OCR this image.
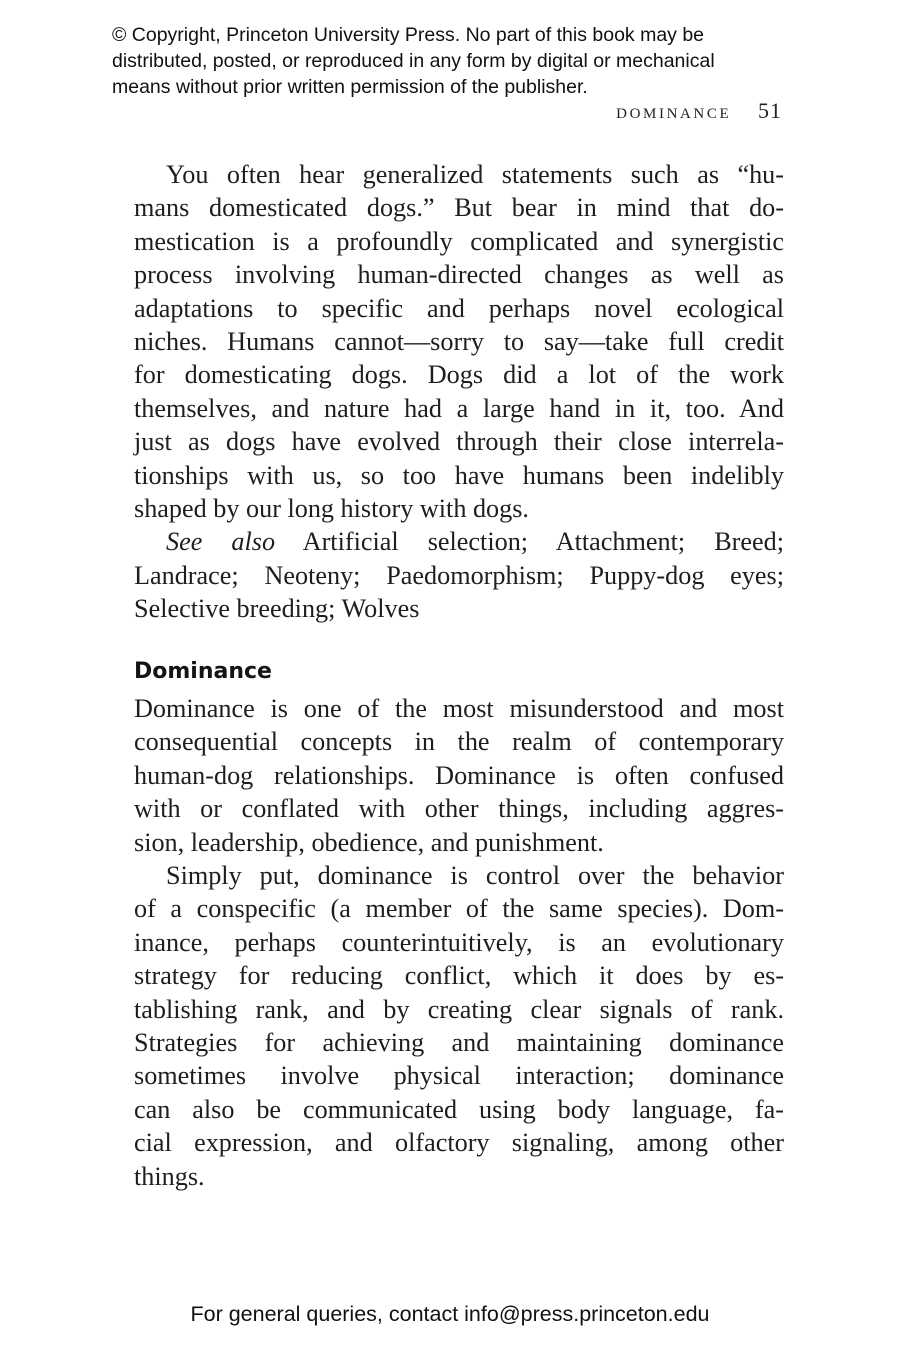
© Copyright, Princeton University Press. No part of this book may be
distributed, posted, or reproduced in any form by digital or mechanical
means without prior written permission of the publisher.
dominance 51
You often hear generalized statements such as “hu-
mans domesticated dogs.” But bear in mind that do-
mestication is a profoundly complicated and synergistic
process involving human-directed changes as well as
adaptations to specific and perhaps novel ecological
niches. Humans cannot—sorry to say—take full credit
for domesticating dogs. Dogs did a lot of the work
themselves, and nature had a large hand in it, too. And
just as dogs have evolved through their close interrela-
tionships with us, so too have humans been indelibly
shaped by our long history with dogs.
See also Artificial selection; Attachment; Breed;
Landrace; Neoteny; Paedomorphism; Puppy-dog eyes;
Selective breeding; Wolves
Dominance
Dominance is one of the most misunderstood and most
consequential concepts in the realm of contemporary
human-dog relationships. Dominance is often confused
with or conflated with other things, including aggres-
sion, leadership, obedience, and punishment.
Simply put, dominance is control over the behavior
of a conspecific (a member of the same species). Dom-
inance, perhaps counterintuitively, is an evolutionary
strategy for reducing conflict, which it does by es-
tablishing rank, and by creating clear signals of rank.
Strategies for achieving and maintaining dominance
sometimes involve physical interaction; dominance
can also be communicated using body language, fa-
cial expression, and olfactory signaling, among other
things.
For general queries, contact info@press.princeton.edu
